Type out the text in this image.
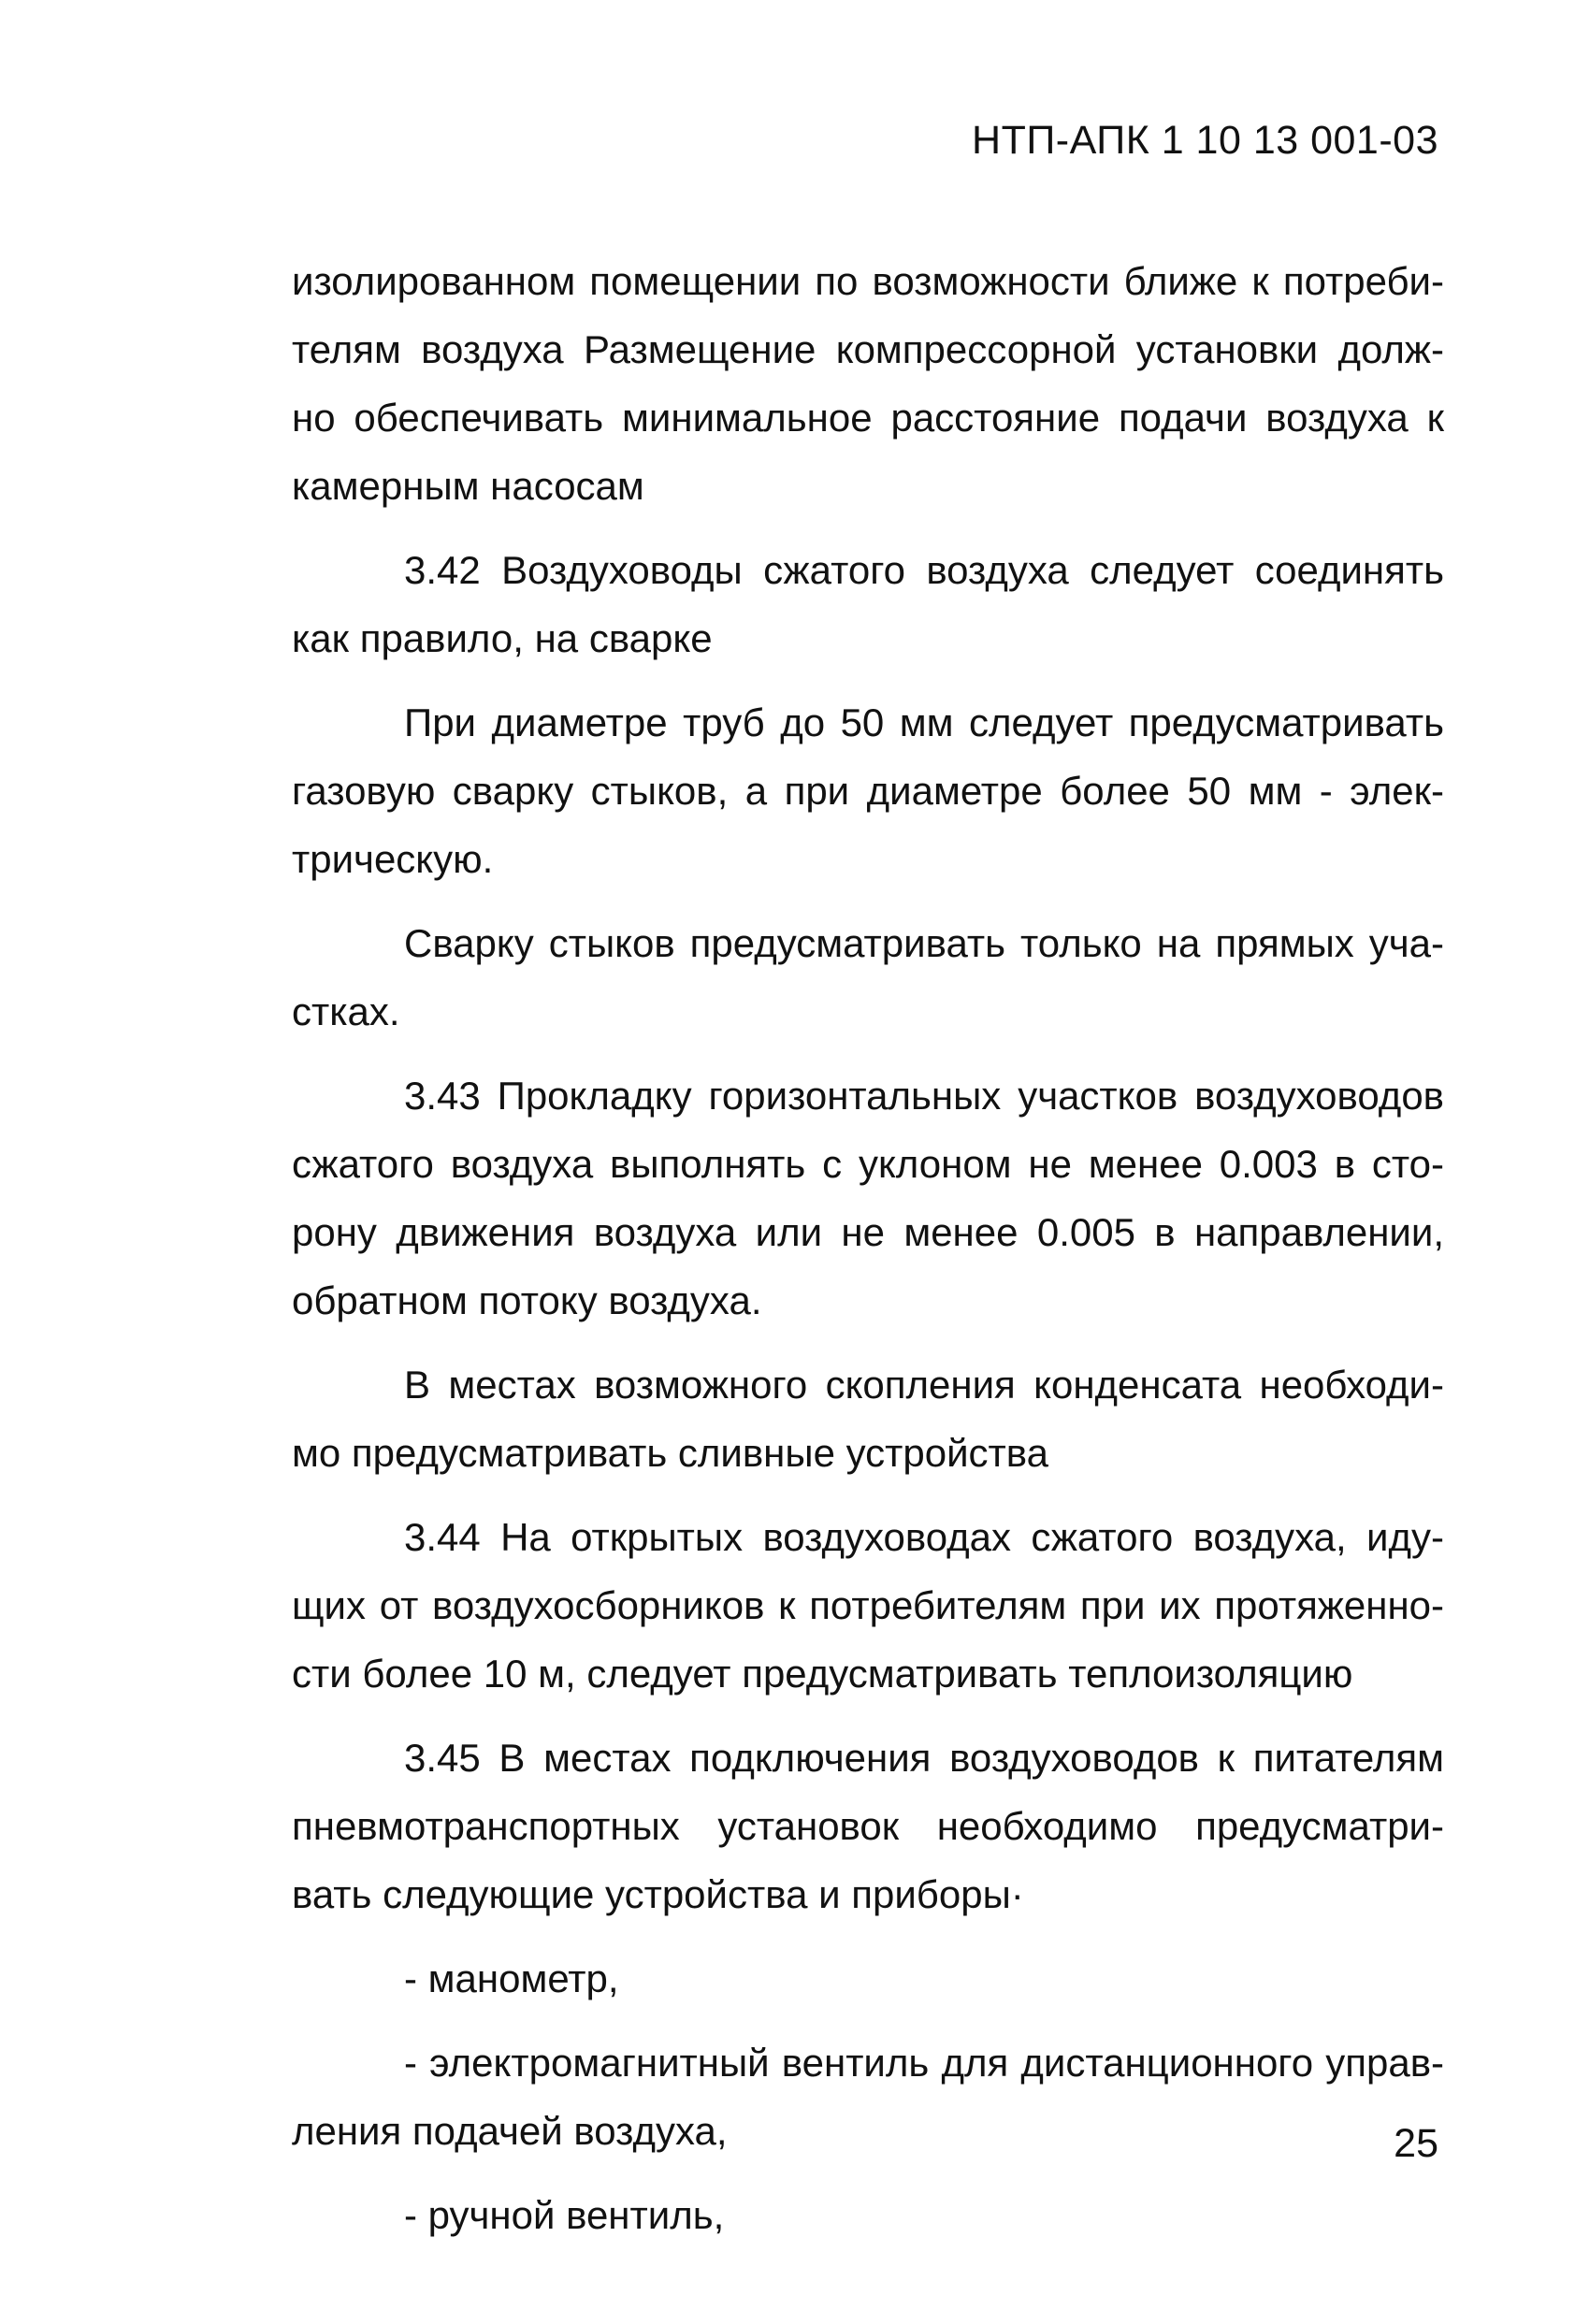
НТП-АПК 1 10 13 001-03
изолированном помещении по возможности ближе к потреби-
телям воздуха Размещение компрессорной установки долж-
но обеспечивать минимальное расстояние подачи воздуха к
камерным насосам
3.42 Воздуховоды сжатого воздуха следует соединять
как правило, на сварке
При диаметре труб до 50 мм следует предусматривать
газовую сварку стыков, а при диаметре более 50 мм - элек-
трическую.
Сварку стыков предусматривать только на прямых уча-
стках.
3.43 Прокладку горизонтальных участков воздуховодов
сжатого воздуха выполнять с уклоном не менее 0.003 в сто-
рону движения воздуха или не менее 0.005 в направлении,
обратном потоку воздуха.
В местах возможного скопления конденсата необходи-
мо предусматривать сливные устройства
3.44 На открытых воздуховодах сжатого воздуха, иду-
щих от воздухосборников к потребителям при их протяженно-
сти более 10 м, следует предусматривать теплоизоляцию
3.45 В местах подключения воздуховодов к питателям
пневмотранспортных установок необходимо предусматри-
вать следующие устройства и приборы·
- манометр,
- электромагнитный вентиль для дистанционного управ-
ления подачей воздуха,
- ручной вентиль,
25
